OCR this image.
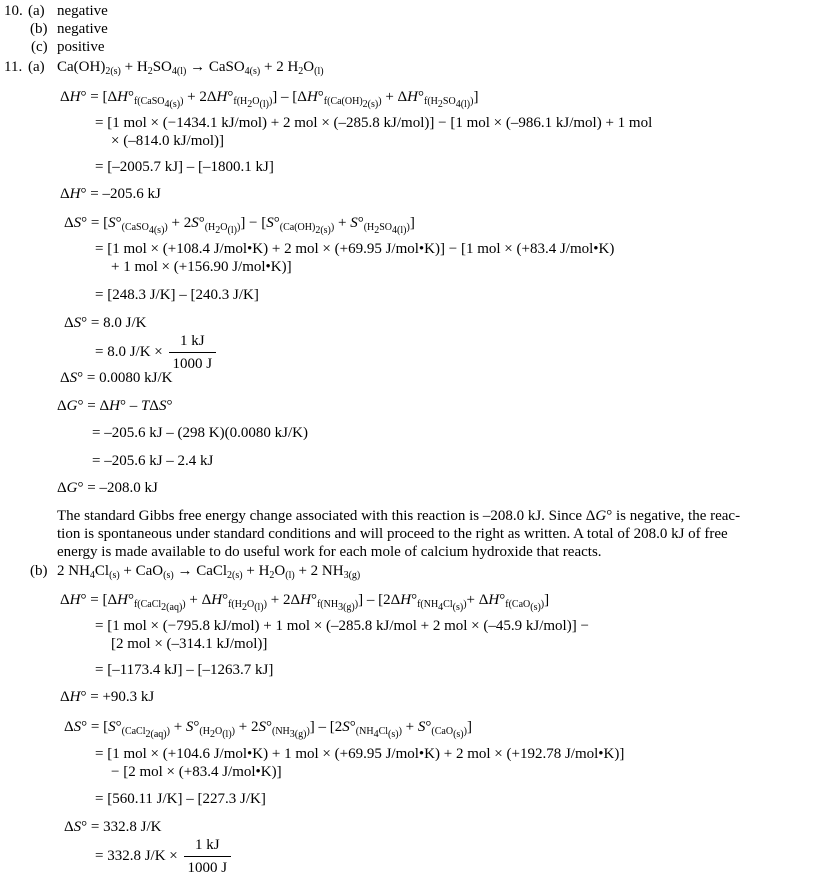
10. (a) negative
(b) negative
(c) positive
11. (a) $Ca(OH)_{2(s)} + H_2SO_{4(l)}$ → CaSO$_{4(s)}$ + 2 $H_2O_{(l)}$
$\Delta H^\circ = [\Delta H^\circ_{f(CaSO_{4(s)})} + 2\Delta H^\circ_{f(H_2O_{(l)})}] - [\Delta H^\circ_{f(Ca(OH)_{2(s)})} + \Delta H^\circ_{f(H_2SO_{4(l)})}]$
= [1 mol × (−1434.1 kJ/mol) + 2 mol × (–285.8 kJ/mol)] − [1 mol × (–986.1 kJ/mol) + 1 mol
× (–814.0 kJ/mol)]
= [–2005.7 kJ] – [–1800.1 kJ]
ΔH° = –205.6 kJ
$\Delta S^\circ = [S^\circ_{(CaSO_{4(s)})} + 2S^\circ_{(H_2O_{(l)})}] - [S^\circ_{(Ca(OH)_{2(s)})} + S^\circ_{(H_2SO_{4(l)})}]$
= [1 mol × (+108.4 J/mol•K) + 2 mol × (+69.95 J/mol•K)] − [1 mol × (+83.4 J/mol•K)
+ 1 mol × (+156.90 J/mol•K)]
= [248.3 J/K] – [240.3 J/K]
ΔS° = 8.0 J/K
= 8.0 $J/K \times \frac{1 kJ}{1000 J}$
ΔS° = 0.0080 kJ/K
ΔG° = ΔH° – TΔS°
= –205.6 kJ – (298 K)(0.0080 kJ/K)
= –205.6 kJ – 2.4 kJ
ΔG° = –208.0 kJ
The standard Gibbs free energy change associated with this reaction is –208.0 kJ. Since ΔG° is negative, the reac-
tion is spontaneous under standard conditions and will proceed to the right as written. A total of 208.0 kJ of free
energy is made available to do useful work for each mole of calcium hydroxide that reacts.
(b) 2 $NH_4Cl_{(s)} + CaO_{(s)}$ → CaCl$_{2(s)}$ + $H_2O_{(l)} + 2$ $NH_{3(g)}$
$\Delta H^\circ = [\Delta H^\circ_{f(CaCl_{2(aq)})} + \Delta H^\circ_{f(H_2O_{(l)})} + 2\Delta H^\circ_{f(NH_{3(g)})}] - [2\Delta H^\circ_{f(NH_4Cl_{(s)})}+ \Delta H^\circ_{f(CaO_{(s)})}]$
= [1 mol × (−795.8 kJ/mol) + 1 mol × (–285.8 kJ/mol + 2 mol × (–45.9 kJ/mol)] −
[2 mol × (–314.1 kJ/mol)]
= [–1173.4 kJ] – [–1263.7 kJ]
ΔH° = +90.3 kJ
$\Delta S^\circ = [S^\circ_{(CaCl_{2(aq)})} + S^\circ_{(H_2O_{(l)})} + 2S^\circ_{(NH_{3(g)})}] - [2S^\circ_{(NH_4Cl_{(s)})} + S^\circ_{(CaO_{(s)})}]$
= [1 mol × (+104.6 J/mol•K) + 1 mol × (+69.95 J/mol•K) + 2 mol × (+192.78 J/mol•K)]
− [2 mol × (+83.4 J/mol•K)]
= [560.11 J/K] – [227.3 J/K]
ΔS° = 332.8 J/K
= 332.8 $J/K \times \frac{1 kJ}{1000 J}$
